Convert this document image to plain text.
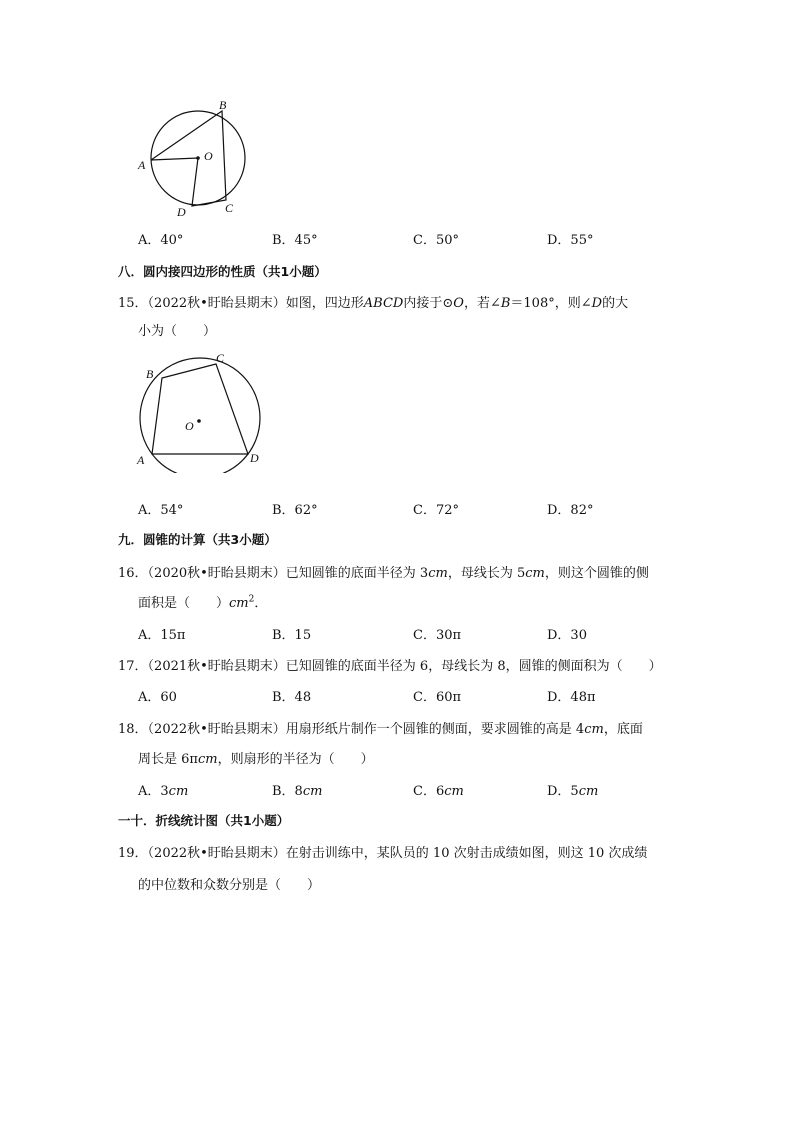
B
A
O
C
D
A．40°	B．45°	C．50°	D．55°
八．圆内接四边形的性质（共1小题）
15．（2022秋•盱眙县期末）如图，四边形ABCD内接于⊙O，若∠B＝108°，则∠D的大
小为（　　）
B
C
O
A	D
A．54°	B．62°	C．72°	D．82°
九．圆锥的计算（共3小题）
16．（2020秋•盱眙县期末）已知圆锥的底面半径为 3cm，母线长为 5cm，则这个圆锥的侧
面积是（　　）$cm^2$．
A．15π	B．15	C．30π	D．30
17．（2021秋•盱眙县期末）已知圆锥的底面半径为 6，母线长为 8，圆锥的侧面积为（　　）
A．60	B．48	C．60π	D．48π
18．（2022秋•盱眙县期末）用扇形纸片制作一个圆锥的侧面，要求圆锥的高是 4cm，底面
周长是 6πcm，则扇形的半径为（　　）
A．3cm	B．8cm	C．6cm	D．5cm
一十．折线统计图（共1小题）
19．（2022秋•盱眙县期末）在射击训练中，某队员的 10 次射击成绩如图，则这 10 次成绩
的中位数和众数分别是（　　）
